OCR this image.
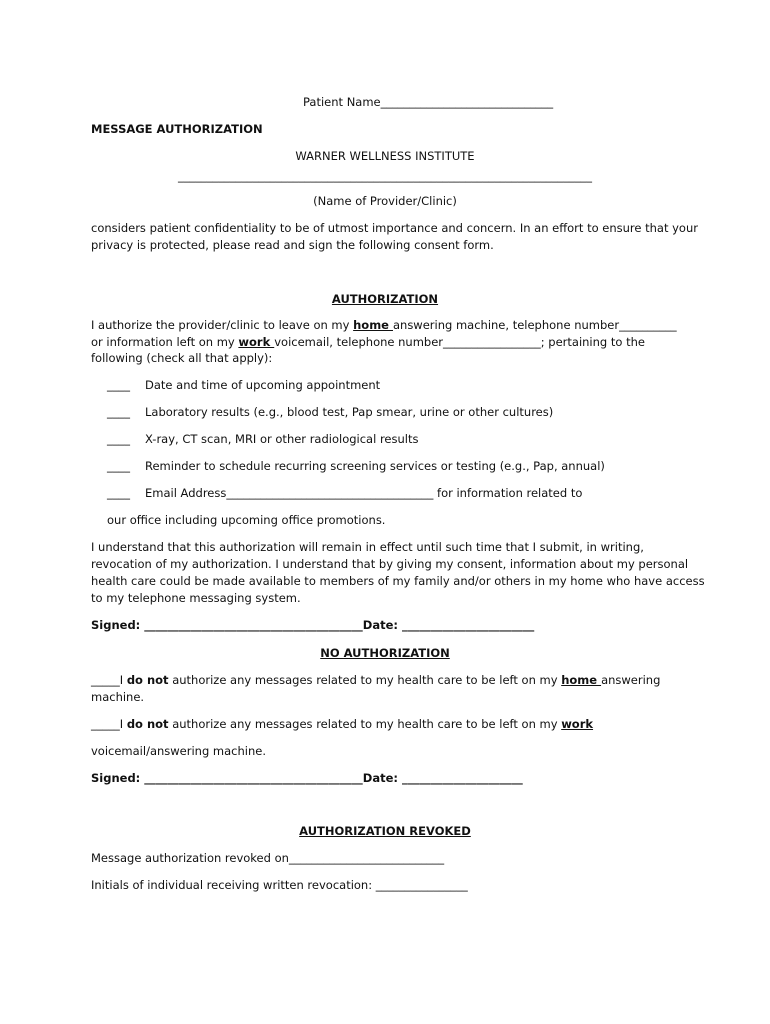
Patient Name______________________________
MESSAGE AUTHORIZATION
WARNER WELLNESS INSTITUTE
________________________________________________________________________
(Name of Provider/Clinic)
considers patient confidentiality to be of utmost importance and concern. In an effort to ensure that your
privacy is protected, please read and sign the following consent form.
AUTHORIZATION
I authorize the provider/clinic to leave on my home answering machine, telephone number__________
or information left on my work voicemail, telephone number_________________; pertaining to the
following (check all that apply):
____ Date and time of upcoming appointment
____ Laboratory results (e.g., blood test, Pap smear, urine or other cultures)
____ X-ray, CT scan, MRI or other radiological results
____ Reminder to schedule recurring screening services or testing (e.g., Pap, annual)
____ Email Address____________________________________ for information related to
our office including upcoming office promotions.
I understand that this authorization will remain in effect until such time that I submit, in writing,
revocation of my authorization. I understand that by giving my consent, information about my personal
health care could be made available to members of my family and/or others in my home who have access
to my telephone messaging system.
Signed: ______________________________________Date: _______________________
NO AUTHORIZATION
_____I do not authorize any messages related to my health care to be left on my home answering
machine.
_____I do not authorize any messages related to my health care to be left on my work
voicemail/answering machine.
Signed: ______________________________________Date: _____________________
AUTHORIZATION REVOKED
Message authorization revoked on___________________________
Initials of individual receiving written revocation: ________________
